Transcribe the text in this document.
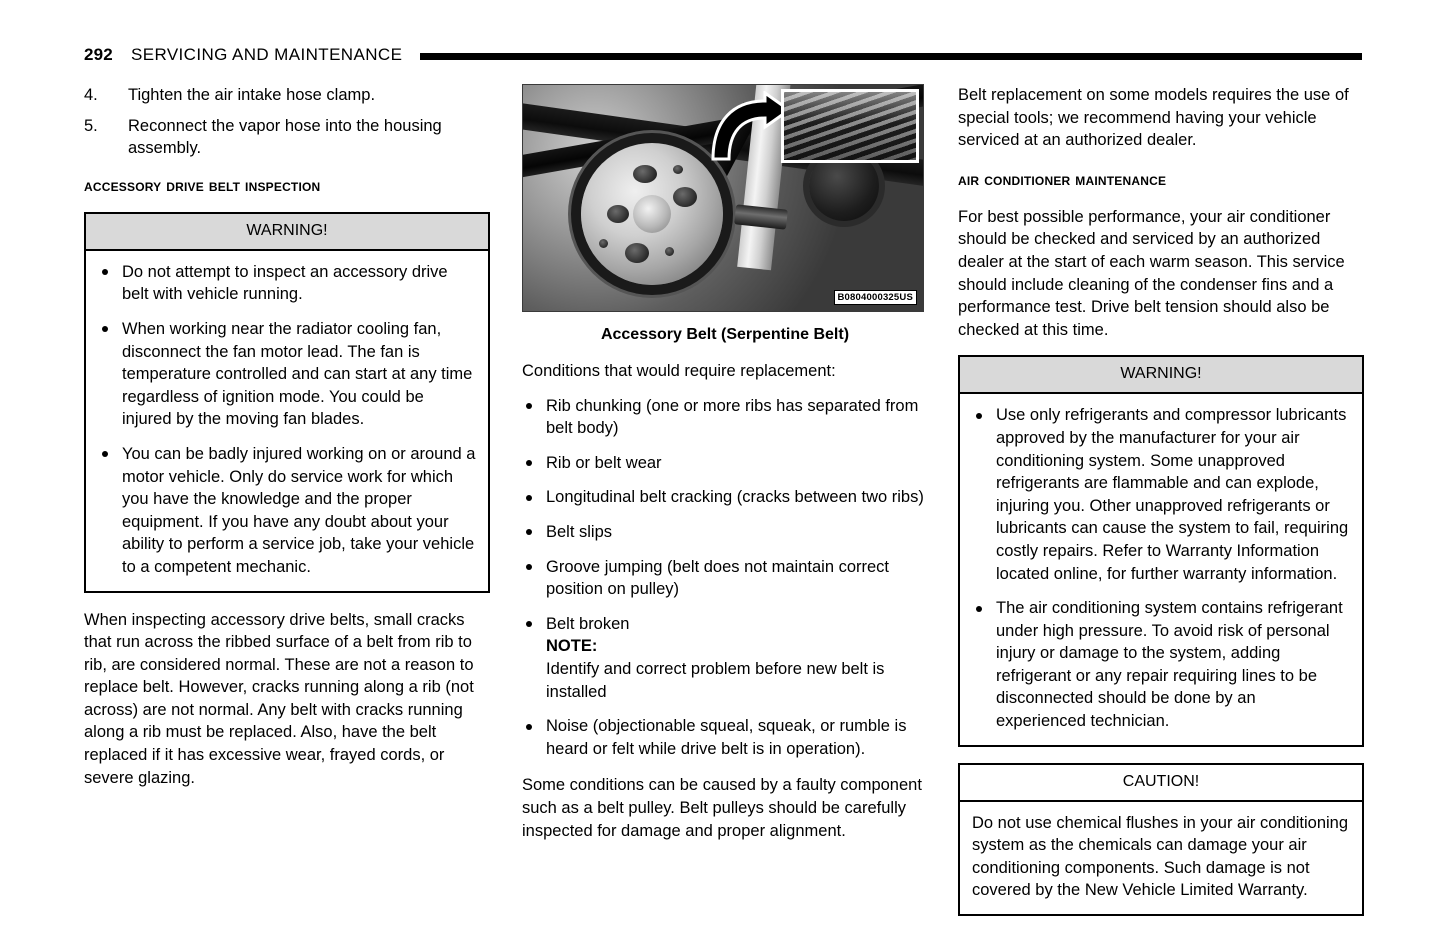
292 SERVICING AND MAINTENANCE
4.	Tighten the air intake hose clamp.
5.	Reconnect the vapor hose into the housing assembly.
accessory drive belt inspection
WARNING!
Do not attempt to inspect an accessory drive belt with vehicle running.
When working near the radiator cooling fan, disconnect the fan motor lead. The fan is temperature controlled and can start at any time regardless of ignition mode. You could be injured by the moving fan blades.
You can be badly injured working on or around a motor vehicle. Only do service work for which you have the knowledge and the proper equipment. If you have any doubt about your ability to perform a service job, take your vehicle to a competent mechanic.

When inspecting accessory drive belts, small cracks that run across the ribbed surface of a belt from rib to rib, are considered normal. These are not a reason to replace belt. However, cracks running along a rib (not across) are not normal. Any belt with cracks running along a rib must be replaced. Also, have the belt replaced if it has excessive wear, frayed cords, or severe glazing.

B0804000325US
Accessory Belt (Serpentine Belt)

Conditions that would require replacement:

Rib chunking (one or more ribs has separated from belt body)
Rib or belt wear
Longitudinal belt cracking (cracks between two ribs)
Belt slips
Groove jumping (belt does not maintain correct position on pulley)
Belt broken
NOTE:
Identify and correct problem before new belt is installed
Noise (objectionable squeal, squeak, or rumble is heard or felt while drive belt is in operation).

Some conditions can be caused by a faulty component such as a belt pulley. Belt pulleys should be carefully inspected for damage and proper alignment.

Belt replacement on some models requires the use of special tools; we recommend having your vehicle serviced at an authorized dealer.

air conditioner maintenance

For best possible performance, your air conditioner should be checked and serviced by an authorized dealer at the start of each warm season. This service should include cleaning of the condenser fins and a performance test. Drive belt tension should also be checked at this time.

WARNING!
Use only refrigerants and compressor lubricants approved by the manufacturer for your air conditioning system. Some unapproved refrigerants are flammable and can explode, injuring you. Other unapproved refrigerants or lubricants can cause the system to fail, requiring costly repairs. Refer to Warranty Information located online, for further warranty information.
The air conditioning system contains refrigerant under high pressure. To avoid risk of personal injury or damage to the system, adding refrigerant or any repair requiring lines to be disconnected should be done by an experienced technician.
CAUTION!

Do not use chemical flushes in your air conditioning system as the chemicals can damage your air conditioning components. Such damage is not covered by the New Vehicle Limited Warranty.
